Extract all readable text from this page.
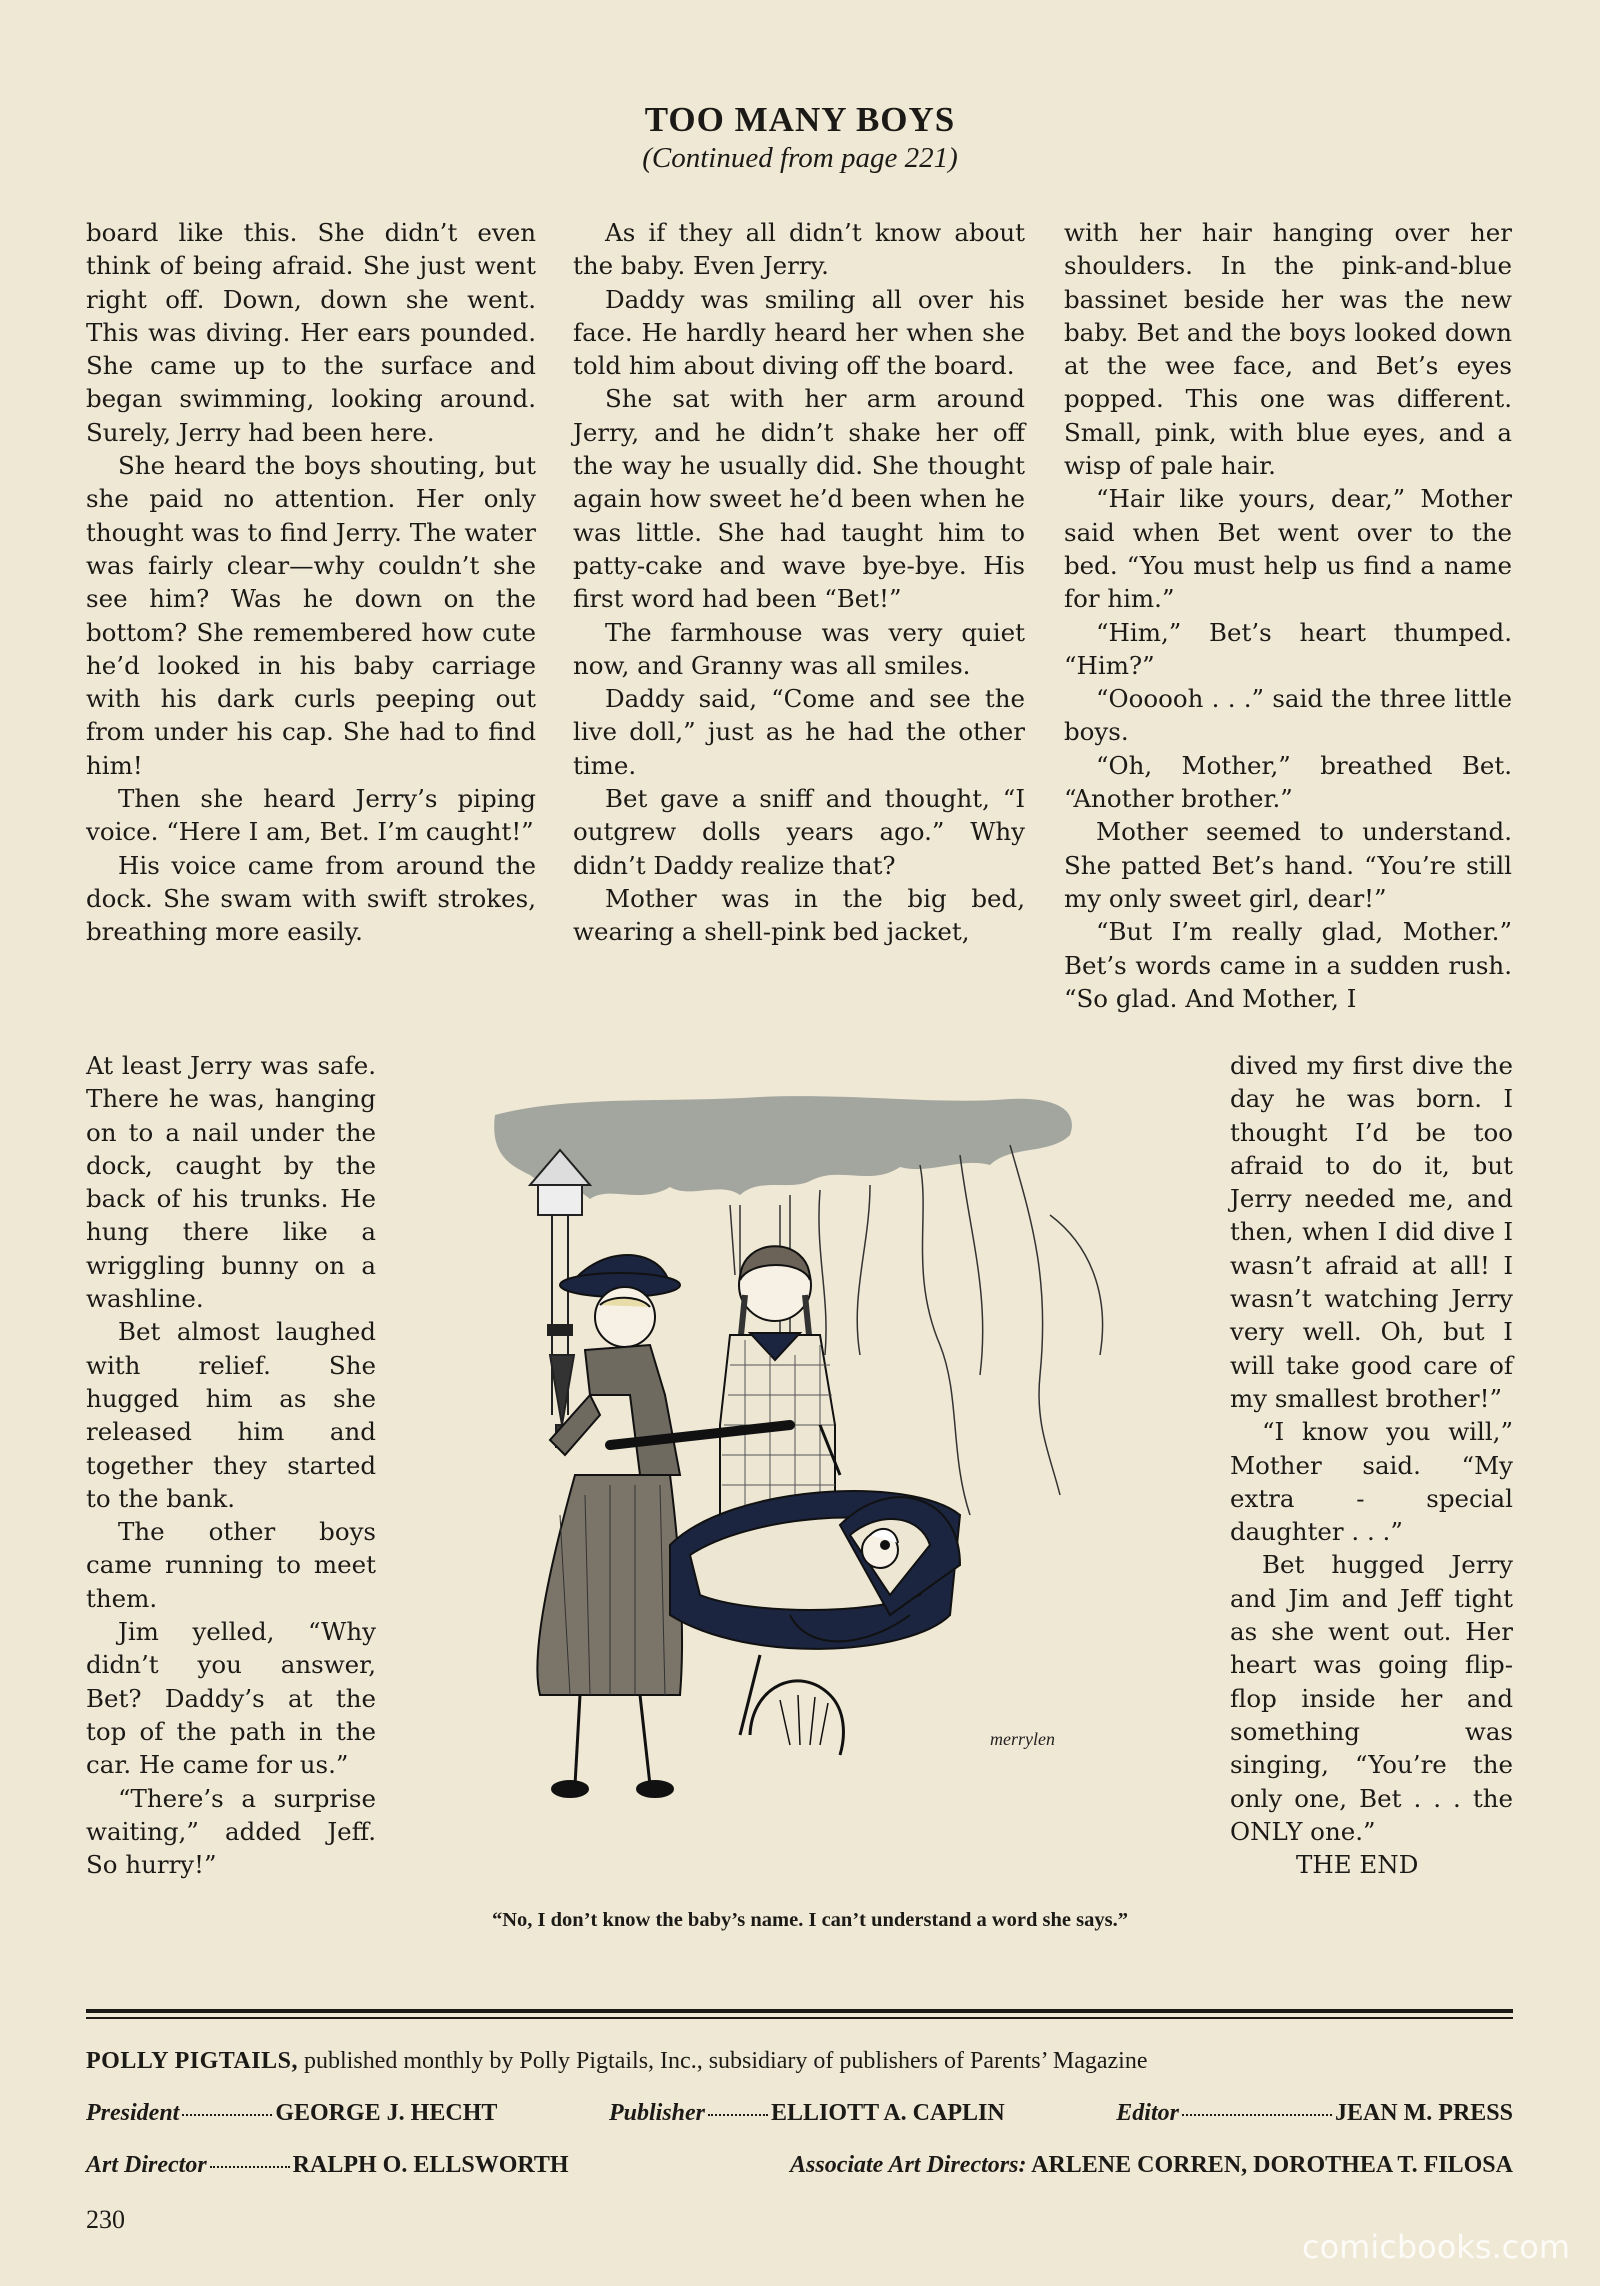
TOO MANY BOYS
(Continued from page 221)

board like this. She didn’t even think of being afraid. She just went right off. Down, down she went. This was diving. Her ears pounded. She came up to the surface and began swimming, looking around. Surely, Jerry had been here.

She heard the boys shouting, but she paid no attention. Her only thought was to find Jerry. The water was fairly clear—why couldn’t she see him? Was he down on the bottom? She remembered how cute he’d looked in his baby carriage with his dark curls peeping out from under his cap. She had to find him!

Then she heard Jerry’s piping voice. “Here I am, Bet. I’m caught!”

His voice came from around the dock. She swam with swift strokes, breathing more easily.

At least Jerry was safe. There he was, hanging on to a nail under the dock, caught by the back of his trunks. He hung there like a wriggling bunny on a washline.

Bet almost laughed with relief. She hugged him as she released him and together they started to the bank.

The other boys came running to meet them.

Jim yelled, “Why didn’t you answer, Bet? Daddy’s at the top of the path in the car. He came for us.”

“There’s a surprise waiting,” added Jeff. So hurry!”

As if they all didn’t know about the baby. Even Jerry.

Daddy was smiling all over his face. He hardly heard her when she told him about diving off the board.

She sat with her arm around Jerry, and he didn’t shake her off the way he usually did. She thought again how sweet he’d been when he was little. She had taught him to patty-cake and wave bye-bye. His first word had been “Bet!”

The farmhouse was very quiet now, and Granny was all smiles.

Daddy said, “Come and see the live doll,” just as he had the other time.

Bet gave a sniff and thought, “I outgrew dolls years ago.” Why didn’t Daddy realize that?

Mother was in the big bed, wearing a shell-pink bed jacket,

with her hair hanging over her shoulders. In the pink-and-blue bassinet beside her was the new baby. Bet and the boys looked down at the wee face, and Bet’s eyes popped. This one was different. Small, pink, with blue eyes, and a wisp of pale hair.

“Hair like yours, dear,” Mother said when Bet went over to the bed. “You must help us find a name for him.”

“Him,” Bet’s heart thumped. “Him?”

“Oooooh . . .” said the three little boys.

“Oh, Mother,” breathed Bet. “Another brother.”

Mother seemed to understand. She patted Bet’s hand. “You’re still my only sweet girl, dear!”

“But I’m really glad, Mother.” Bet’s words came in a sudden rush. “So glad. And Mother, I

dived my first dive the day he was born. I thought I’d be too afraid to do it, but Jerry needed me, and then, when I did dive I wasn’t afraid at all! I wasn’t watching Jerry very well. Oh, but I will take good care of my smallest brother!”

“I know you will,” Mother said. “My extra - special daughter . . .”

Bet hugged Jerry and Jim and Jeff tight as she went out. Her heart was going flip-flop inside her and something was singing, “You’re the only one, Bet . . . the ONLY one.”

THE END

merrylen
“No, I don’t know the baby’s name. I can’t understand a word she says.”
POLLY PIGTAILS, published monthly by Polly Pigtails, Inc., subsidiary of publishers of Parents’ Magazine
President	GEORGE J. HECHT	Publisher	ELLIOTT A. CAPLIN	Editor	JEAN M. PRESS
Art Director	RALPH O. ELLSWORTH	Associate Art Directors: ARLENE CORREN, DOROTHEA T. FILOSA
230
comicbooks.com
